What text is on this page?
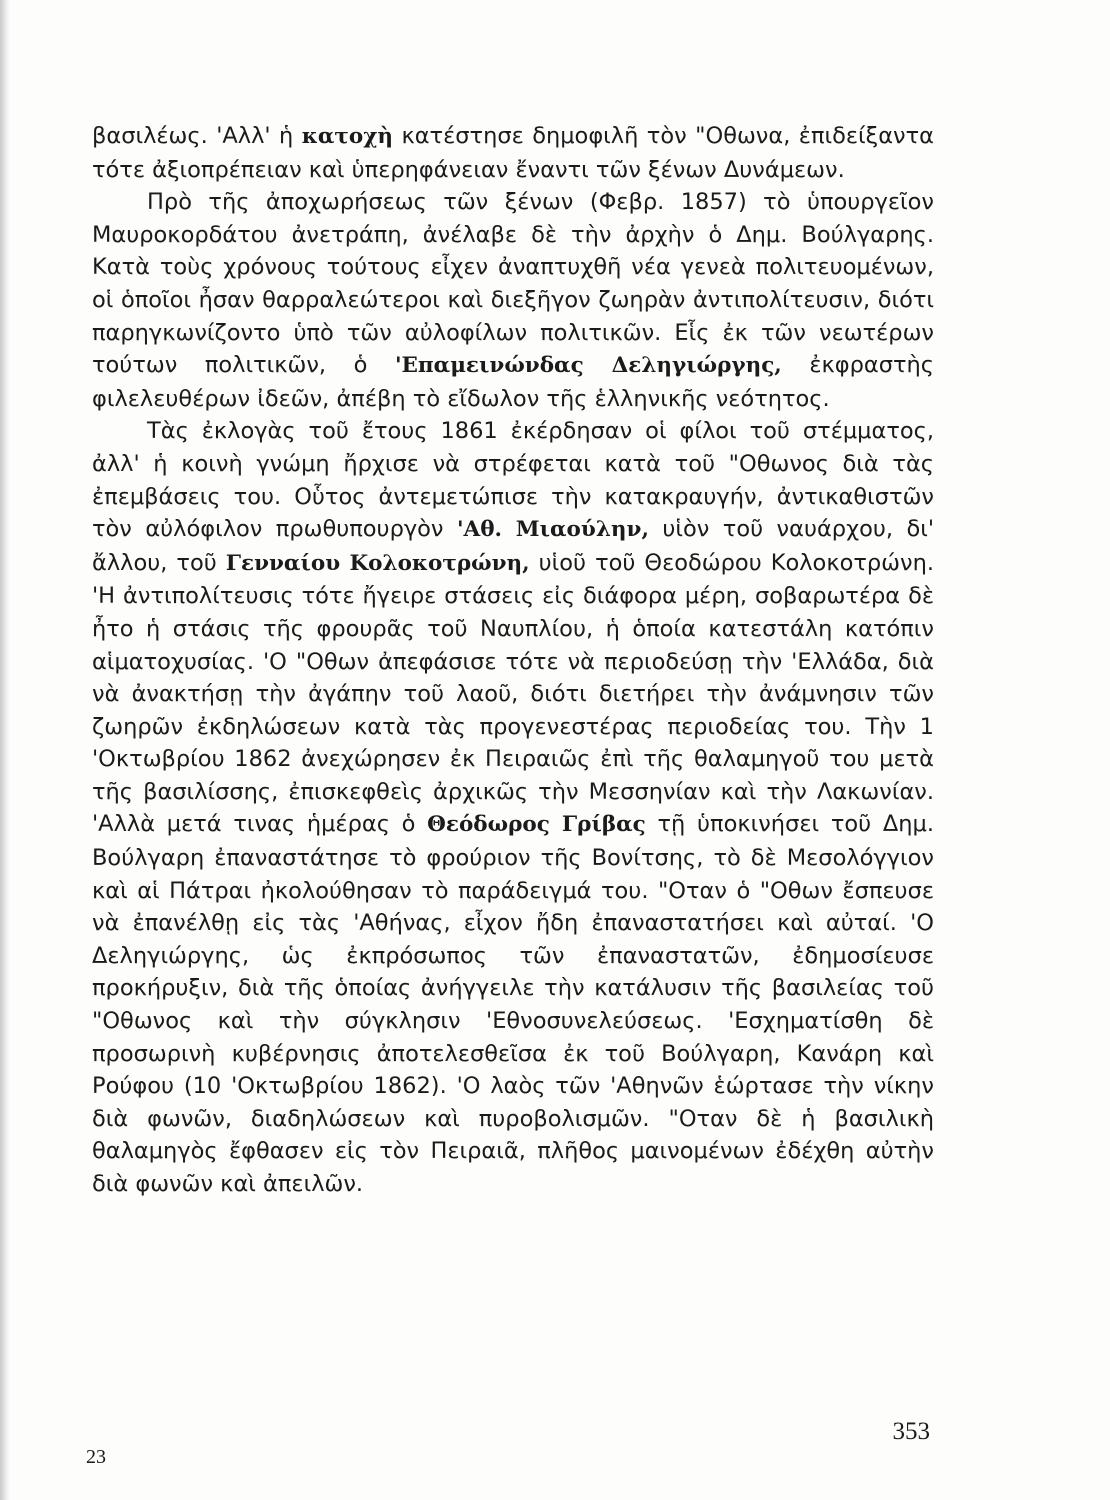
βασιλέως. 'Αλλ' ἡ κατοχὴ κατέστησε δημοφιλῆ τὸν "Οθωνα, ἐπιδείξαντα τότε ἀξιοπρέπειαν καὶ ὑπερηφάνειαν ἔναντι τῶν ξένων Δυνάμεων.

Πρὸ τῆς ἀποχωρήσεως τῶν ξένων (Φεβρ. 1857) τὸ ὑπουργεῖον Μαυροκορδάτου ἀνετράπη, ἀνέλαβε δὲ τὴν ἀρχὴν ὁ Δημ. Βούλγαρης. Κατὰ τοὺς χρόνους τούτους εἶχεν ἀναπτυχθῆ νέα γενεὰ πολιτευομένων, οἱ ὁποῖοι ἦσαν θαρραλεώτεροι καὶ διεξῆγον ζωηρὰν ἀντιπολίτευσιν, διότι παρηγκωνίζοντο ὑπὸ τῶν αὐλοφίλων πολιτικῶν. Εἷς ἐκ τῶν νεωτέρων τούτων πολιτικῶν, ὁ 'Επαμεινώνδας Δεληγιώργης, ἐκφραστὴς φιλελευθέρων ἰδεῶν, ἀπέβη τὸ εἴδωλον τῆς ἑλληνικῆς νεότητος.

Τὰς ἐκλογὰς τοῦ ἔτους 1861 ἐκέρδησαν οἱ φίλοι τοῦ στέμματος, ἀλλ' ἡ κοινὴ γνώμη ἤρχισε νὰ στρέφεται κατὰ τοῦ "Οθωνος διὰ τὰς ἐπεμβάσεις του. Οὗτος ἀντεμετώπισε τὴν κατακραυγήν, ἀντικαθιστῶν τὸν αὐλόφιλον πρωθυπουργὸν 'Αθ. Μιαούλην, υἱὸν τοῦ ναυάρχου, δι' ἄλλου, τοῦ Γενναίου Κολοκοτρώνη, υἱοῦ τοῦ Θεοδώρου Κολοκοτρώνη. 'Η ἀντιπολίτευσις τότε ἤγειρε στάσεις εἰς διάφορα μέρη, σοβαρωτέρα δὲ ἦτο ἡ στάσις τῆς φρουρᾶς τοῦ Ναυπλίου, ἡ ὁποία κατεστάλη κατόπιν αἱματοχυσίας. 'Ο "Οθων ἀπεφάσισε τότε νὰ περιοδεύσῃ τὴν 'Ελλάδα, διὰ νὰ ἀνακτήσῃ τὴν ἀγάπην τοῦ λαοῦ, διότι διετήρει τὴν ἀνάμνησιν τῶν ζωηρῶν ἐκδηλώσεων κατὰ τὰς προγενεστέρας περιοδείας του. Τὴν 1 'Οκτωβρίου 1862 ἀνεχώρησεν ἐκ Πειραιῶς ἐπὶ τῆς θαλαμηγοῦ του μετὰ τῆς βασιλίσσης, ἐπισκεφθεὶς ἀρχικῶς τὴν Μεσσηνίαν καὶ τὴν Λακωνίαν. 'Αλλὰ μετά τινας ἡμέρας ὁ Θεόδωρος Γρίβας τῇ ὑποκινήσει τοῦ Δημ. Βούλγαρη ἐπαναστάτησε τὸ φρούριον τῆς Βονίτσης, τὸ δὲ Μεσολόγγιον καὶ αἱ Πάτραι ἠκολούθησαν τὸ παράδειγμά του. "Οταν ὁ "Οθων ἔσπευσε νὰ ἐπανέλθῃ εἰς τὰς 'Αθήνας, εἶχον ἤδη ἐπαναστατήσει καὶ αὐταί. 'Ο Δεληγιώργης, ὡς ἐκπρόσωπος τῶν ἐπαναστατῶν, ἐδημοσίευσε προκήρυξιν, διὰ τῆς ὁποίας ἀνήγγειλε τὴν κατάλυσιν τῆς βασιλείας τοῦ "Οθωνος καὶ τὴν σύγκλησιν 'Εθνοσυνελεύσεως. 'Εσχηματίσθη δὲ προσωρινὴ κυβέρνησις ἀποτελεσθεῖσα ἐκ τοῦ Βούλγαρη, Κανάρη καὶ Ρούφου (10 'Οκτωβρίου 1862). 'Ο λαὸς τῶν 'Αθηνῶν ἑώρτασε τὴν νίκην διὰ φωνῶν, διαδηλώσεων καὶ πυροβολισμῶν. "Οταν δὲ ἡ βασιλικὴ θαλαμηγὸς ἔφθασεν εἰς τὸν Πειραιᾶ, πλῆθος μαινομένων ἐδέχθη αὐτὴν διὰ φωνῶν καὶ ἀπειλῶν.

353
23
